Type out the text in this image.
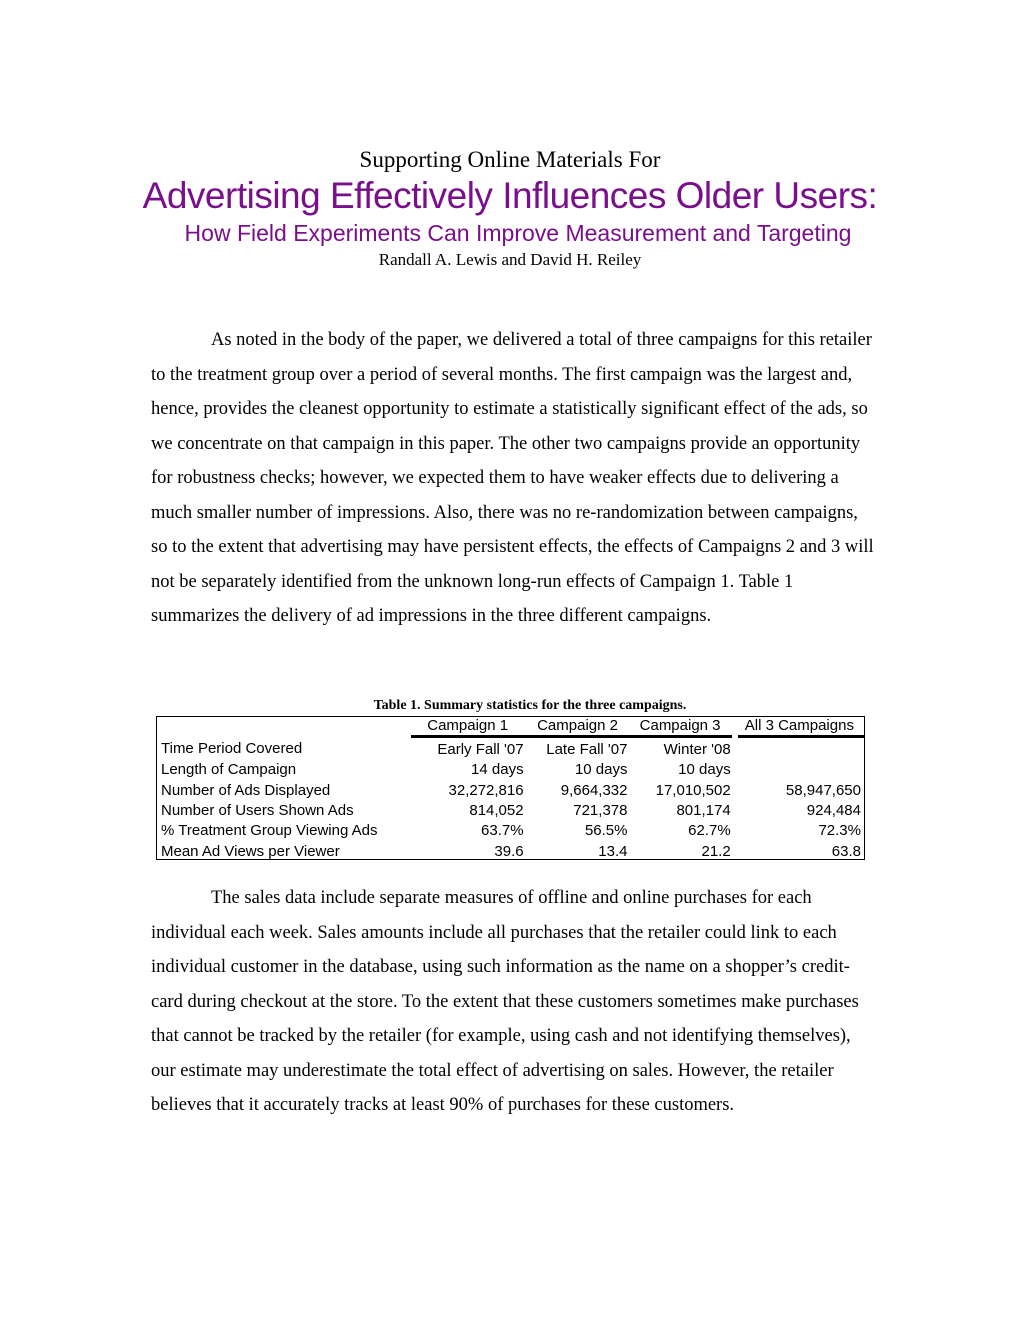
Supporting Online Materials For
Advertising Effectively Influences Older Users:
How Field Experiments Can Improve Measurement and Targeting
Randall A. Lewis and David H. Reiley

As noted in the body of the paper, we delivered a total of three campaigns for this retailer to the treatment group over a period of several months. The first campaign was the largest and, hence, provides the cleanest opportunity to estimate a statistically significant effect of the ads, so we concentrate on that campaign in this paper. The other two campaigns provide an opportunity for robustness checks; however, we expected them to have weaker effects due to delivering a much smaller number of impressions. Also, there was no re-randomization between campaigns, so to the extent that advertising may have persistent effects, the effects of Campaigns 2 and 3 will not be separately identified from the unknown long-run effects of Campaign 1. Table 1 summarizes the delivery of ad impressions in the three different campaigns.

Table 1. Summary statistics for the three campaigns.
	Campaign 1	Campaign 2	Campaign 3	All 3 Campaigns
Time Period Covered	Early Fall '07	Late Fall '07	Winter '08	
Length of Campaign	14 days	10 days	10 days	
Number of Ads Displayed	32,272,816	9,664,332	17,010,502	58,947,650
Number of Users Shown Ads	814,052	721,378	801,174	924,484
% Treatment Group Viewing Ads	63.7%	56.5%	62.7%	72.3%
Mean Ad Views per Viewer	39.6	13.4	21.2	63.8

The sales data include separate measures of offline and online purchases for each individual each week. Sales amounts include all purchases that the retailer could link to each individual customer in the database, using such information as the name on a shopper’s credit-card during checkout at the store. To the extent that these customers sometimes make purchases that cannot be tracked by the retailer (for example, using cash and not identifying themselves), our estimate may underestimate the total effect of advertising on sales. However, the retailer believes that it accurately tracks at least 90% of purchases for these customers.
